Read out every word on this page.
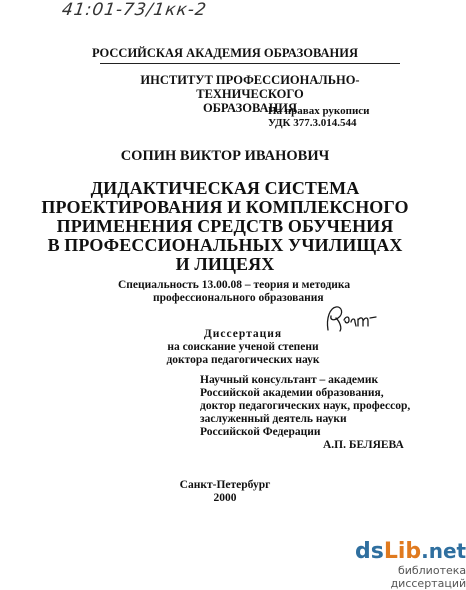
41:01-73/1кк-2
РОССИЙСКАЯ АКАДЕМИЯ ОБРАЗОВАНИЯ
ИНСТИТУТ ПРОФЕССИОНАЛЬНО-ТЕХНИЧЕСКОГО
ОБРАЗОВАНИЯ
На правах рукописи
УДК 377.3.014.544
СОПИН ВИКТОР ИВАНОВИЧ
ДИДАКТИЧЕСКАЯ СИСТЕМА
ПРОЕКТИРОВАНИЯ И КОМПЛЕКСНОГО
ПРИМЕНЕНИЯ СРЕДСТВ ОБУЧЕНИЯ
В ПРОФЕССИОНАЛЬНЫХ УЧИЛИЩАХ
И ЛИЦЕЯХ
Специальность 13.00.08 – теория и методика
профессионального образования
Диссертация
на соискание ученой степени
доктора педагогических наук
Научный консультант – академик
Российской академии образования,
доктор педагогических наук, профессор,
заслуженный деятель науки
Российской Федерации
А.П. БЕЛЯЕВА
Санкт-Петербург
2000
dsLib.net
библиотека диссертаций
